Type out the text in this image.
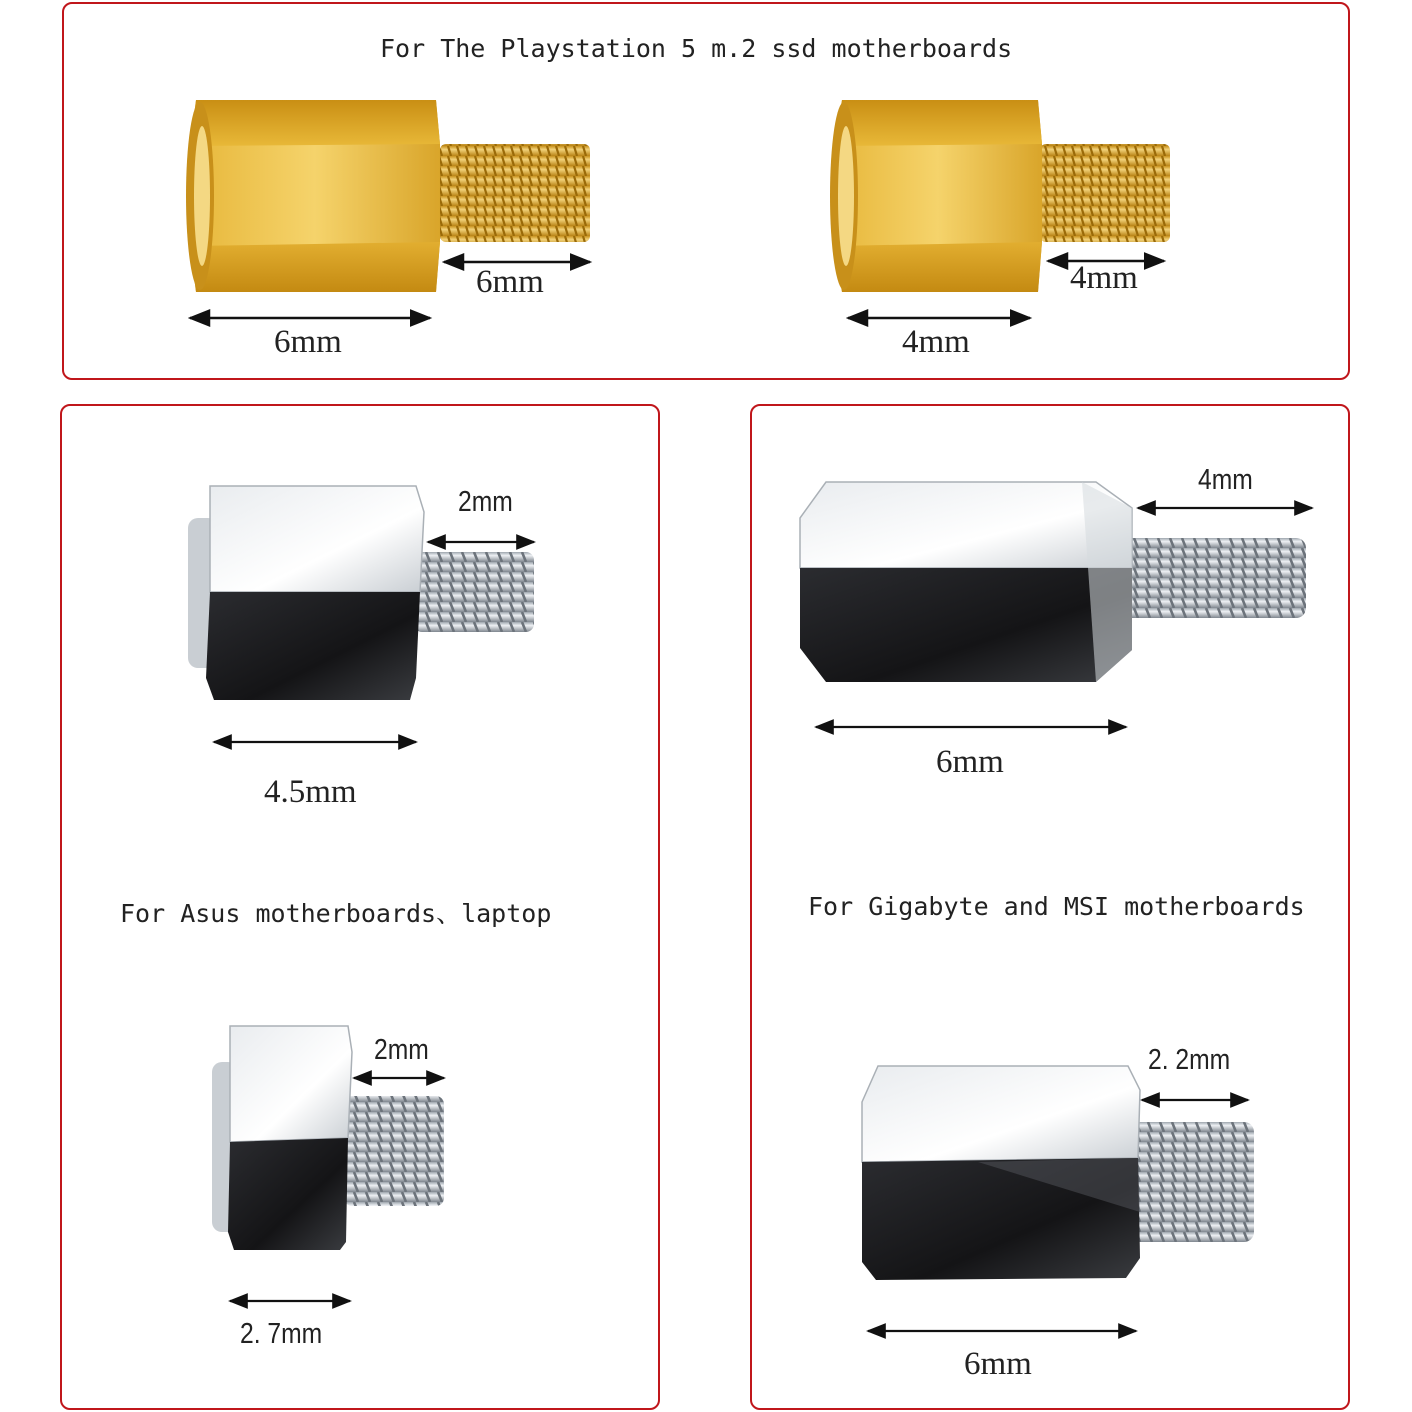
For The Playstation 5 m.2 ssd motherboards
6mm
6mm
4mm
4mm
2mm
4.5mm
For Asus motherboards、laptop
2mm
2. 7mm
4mm
6mm
For Gigabyte and MSI motherboards
2. 2mm
6mm
